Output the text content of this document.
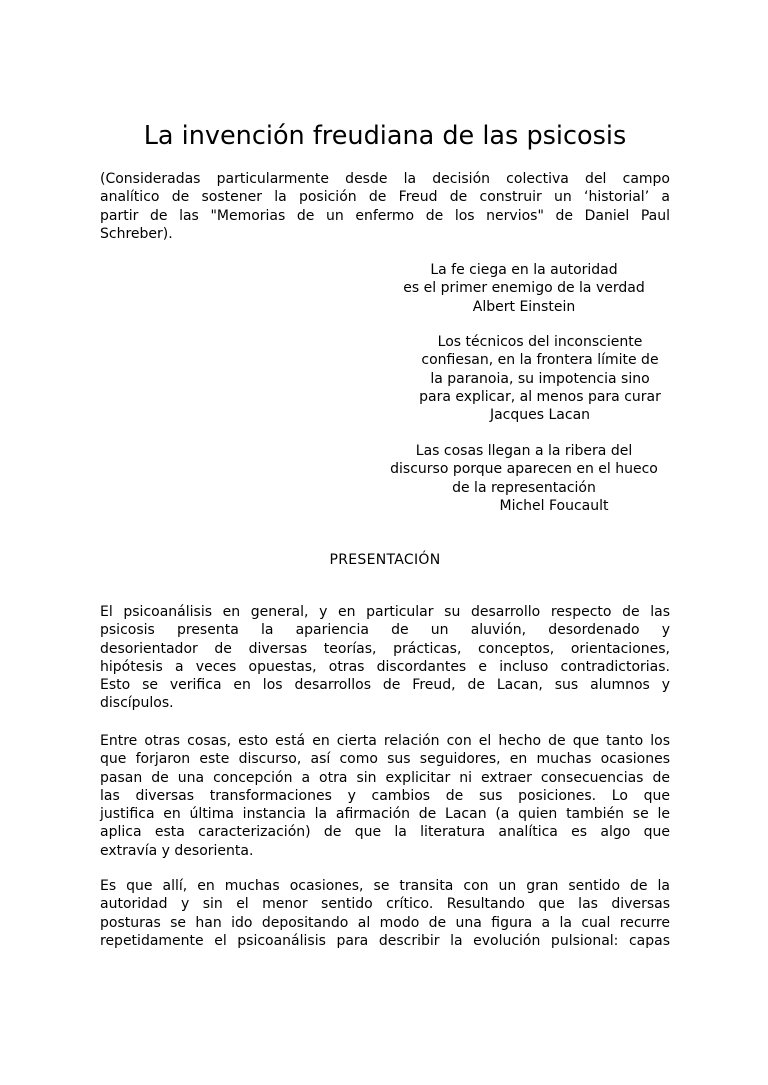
La invención freudiana de las psicosis
(Consideradas particularmente desde la decisión colectiva del campo
analítico de sostener la posición de Freud de construir un ‘historial’ a
partir de las "Memorias de un enfermo de los nervios" de Daniel Paul
Schreber).
La fe ciega en la autoridad
es el primer enemigo de la verdad
Albert Einstein
Los técnicos del inconsciente
confiesan, en la frontera límite de
la paranoia, su impotencia sino
para explicar, al menos para curar
Jacques Lacan
Las cosas llegan a la ribera del
discurso porque aparecen en el hueco
de la representación
Michel Foucault
PRESENTACIÓN
El psicoanálisis en general, y en particular su desarrollo respecto de las
psicosis presenta la apariencia de un aluvión, desordenado y
desorientador de diversas teorías, prácticas, conceptos, orientaciones,
hipótesis a veces opuestas, otras discordantes e incluso contradictorias.
Esto se verifica en los desarrollos de Freud, de Lacan, sus alumnos y
discípulos.
Entre otras cosas, esto está en cierta relación con el hecho de que tanto los
que forjaron este discurso, así como sus seguidores, en muchas ocasiones
pasan de una concepción a otra sin explicitar ni extraer consecuencias de
las diversas transformaciones y cambios de sus posiciones. Lo que
justifica en última instancia la afirmación de Lacan (a quien también se le
aplica esta caracterización) de que la literatura analítica es algo que
extravía y desorienta.
Es que allí, en muchas ocasiones, se transita con un gran sentido de la
autoridad y sin el menor sentido crítico. Resultando que las diversas
posturas se han ido depositando al modo de una figura a la cual recurre
repetidamente el psicoanálisis para describir la evolución pulsional: capas
